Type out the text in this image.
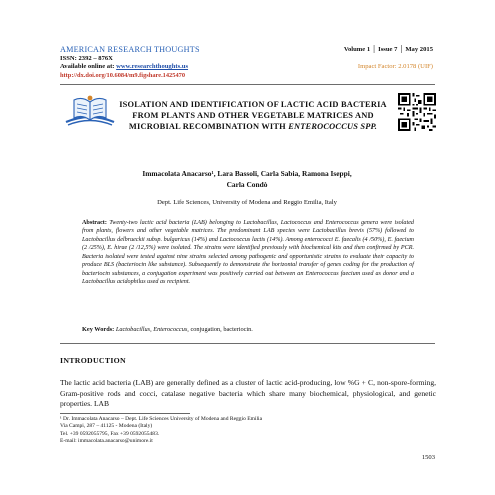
AMERICAN RESEARCH THOUGHTS
ISSN: 2392 – 876X
Available online at: www.researchthoughts.us
http://dx.doi.org/10.6084/m9.figshare.1425470
Volume 1 │ Issue 7 │ May 2015
Impact Factor: 2.0178 (UIF)
ISOLATION AND IDENTIFICATION OF LACTIC ACID BACTERIA FROM PLANTS AND OTHER VEGETABLE MATRICES AND MICROBIAL RECOMBINATION WITH ENTEROCOCCUS SPP.
Immacolata Anacarso¹, Lara Bassoli, Carla Sabia, Ramona Iseppi,
Carla Condò
Dept. Life Sciences, University of Modena and Reggio Emilia, Italy
Abstract: Twenty-two lactic acid bacteria (LAB) belonging to Lactobacillus, Lactococcus and Enterococcus genera were isolated from plants, flowers and other vegetable matrices. The predominant LAB species were Lactobacillus brevis (57%) followed to Lactobacillus delbrueckii subsp. bulgaricus (14%) and Lactococcus lactis (14%). Among enterococci E. faecalis (4 /50%), E. faecium (2 /25%), E. hirae (2 /12,5%) were isolated. The strains were identified previously with biochemical kits and then confirmed by PCR. Bacteria isolated were tested against nine strains selected among pathogenic and opportunistic strains to evaluate their capacity to produce BLS (bacteriocin like substance). Subsequently to demonstrate the horizontal transfer of genes coding for the production of bacteriocin substances, a conjugation experiment was positively carried out between an Enterococcus faecium used as donor and a Lactobacillus acidophilus used as recipient.
Key Words: Lactobacillus, Enterococcus, conjugation, bacteriocin.
INTRODUCTION
The lactic acid bacteria (LAB) are generally defined as a cluster of lactic acid-producing, low %G + C, non-spore-forming, Gram-positive rods and cocci, catalase negative bacteria which share many biochemical, physiological, and genetic properties. LAB
¹ Dr. Immacolata Anacarso – Dept. Life Sciences University of Modena and Reggio Emilia
Via Campi, 287 – 41125 - Modena (Italy)
Tel. +39 0592055795, Fax +39 0592055483.
E-mail: immacolata.anacarso@unimore.it
1503
